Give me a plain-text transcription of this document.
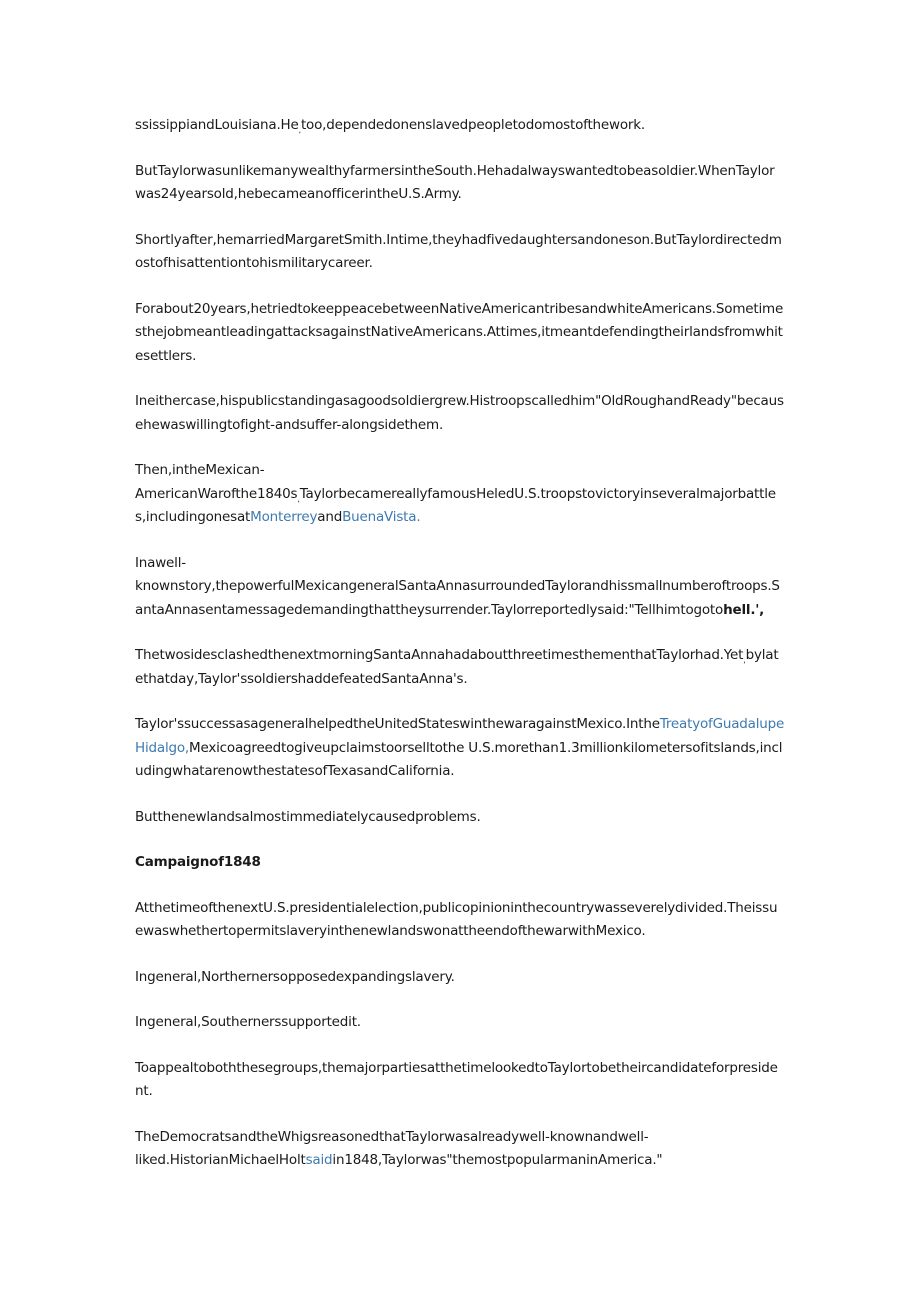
$ssissippiandLouisiana.He_,too,dependedonenslavedpeopletodomostofthework$.

ButTaylorwasunlikemanywealthyfarmersintheSouth.Hehadalwayswantedtobeasoldier.WhenTaylorwas24yearsold,hebecameanofficerintheU.S.Army.

Shortlyafter,hemarriedMargaretSmith.Intime,theyhadfivedaughtersandoneson.ButTaylordirectedmostofhisattentiontohismilitarycareer.

Forabout20years,hetriedtokeeppeacebetweenNativeAmericantribesandwhiteAmericans.SometimesthejobmeantleadingattacksagainstNativeAmericans.Attimes,itmeantdefendingtheirlandsfromwhitesettlers.

Ineithercase,hispublicstandingasagoodsoldiergrew.Histroopscalledhim"OldRoughandReady"becausehewaswillingtofight-andsuffer-alongsidethem.

Then,intheMexican-
$AmericanWarofthe1840s_,TaylorbecamereallyfamousHeledU.S.troopstovictoryinseveralmajorbattles,includingonesatMonterreyandB$uenaVista.

Inawell-
knownstory,thepowerfulMexicangeneralSantaAnnasurroundedTaylorandhissmallnumberoftroops.SantaAnnasentamessagedemandingthattheysurrender.Taylorreportedlysaid:"Tellhimtogotohell.',

ThetwosidesclashedthenextmorningSantaAnnahadaboutthreetimesthementhatTaylorhad.Yet$_,$bylatethatday,Taylor'ssoldiershaddefeatedSantaAnna's.

Taylor'ssuccessasageneralhelpedtheUnitedStateswinthewaragainstMexico.IntheTreatyofGuadalupeHidalgo,Mexicoagreedtogiveupclaimstoorselltothe U.S.morethan1.3millionkilometersofitslands,includingwhatarenowthestatesofTexasandCalifornia.

Butthenewlandsalmostimmediatelycausedproblems.

Campaignof1848

AtthetimeofthenextU.S.presidentialelection,publicopinioninthecountrywasseverelydivided.TheissuewaswhethertopermitslaveryinthenewlandswonattheendofthewarwithMexico.

Ingeneral,Northernersopposedexpandingslavery.

Ingeneral,Southernerssupportedit.

Toappealtoboththesegroups,themajorpartiesatthetimelookedtoTaylortobetheircandidateforpresident.

TheDemocratsandtheWhigsreasonedthatTaylorwasalreadywell-knownandwell-
liked.HistorianMichaelHoltsaidin1848,Taylorwas"themostpopularmaninAmerica."
